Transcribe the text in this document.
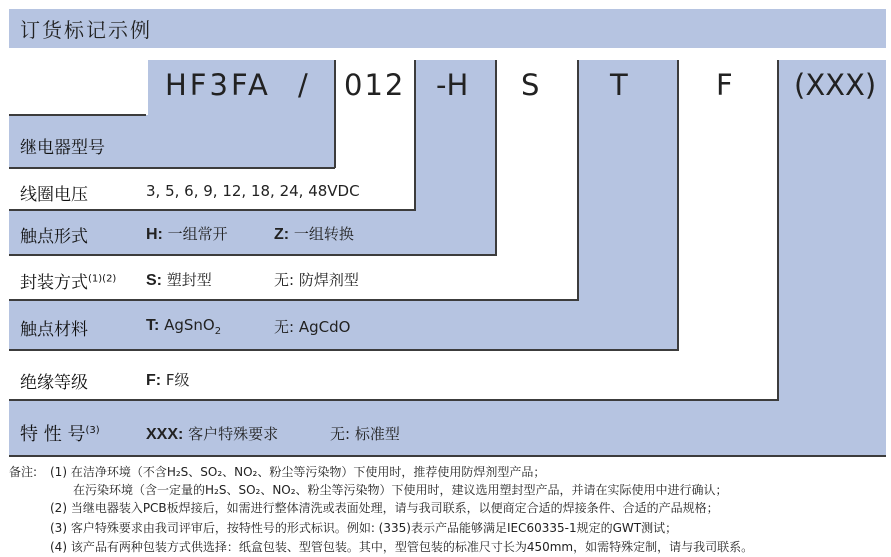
订货标记示例
HF3FA / 012 -H S T	F (XXX)
继电器型号
线圈电压	3, 5, 6, 9, 12, 18, 24, 48VDC
触点形式	H: 一组常开	Z: 一组转换
封装方式$^{(1)(2)}$ S: 塑封型	无: 防焊剂型
触点材料	T: AgSnO$_2$	无: AgCdO
绝缘等级	F: F级
特 性 号$^{(3)}$	XXX: 客户特殊要求	无: 标准型
备注: (1) 在洁净环境（不含H₂S、SO₂、NO₂、粉尘等污染物）下使用时，推荐使用防焊剂型产品；
在污染环境（含一定量的H₂S、SO₂、NO₂、粉尘等污染物）下使用时，建议选用塑封型产品，并请在实际使用中进行确认；
(2) 当继电器装入PCB板焊接后，如需进行整体清洗或表面处理，请与我司联系，以便商定合适的焊接条件、合适的产品规格；
(3) 客户特殊要求由我司评审后，按特性号的形式标识。例如: (335)表示产品能够满足IEC60335-1规定的GWT测试；
(4) 该产品有两种包装方式供选择：纸盒包装、型管包装。其中，型管包装的标准尺寸长为450mm，如需特殊定制，请与我司联系。
